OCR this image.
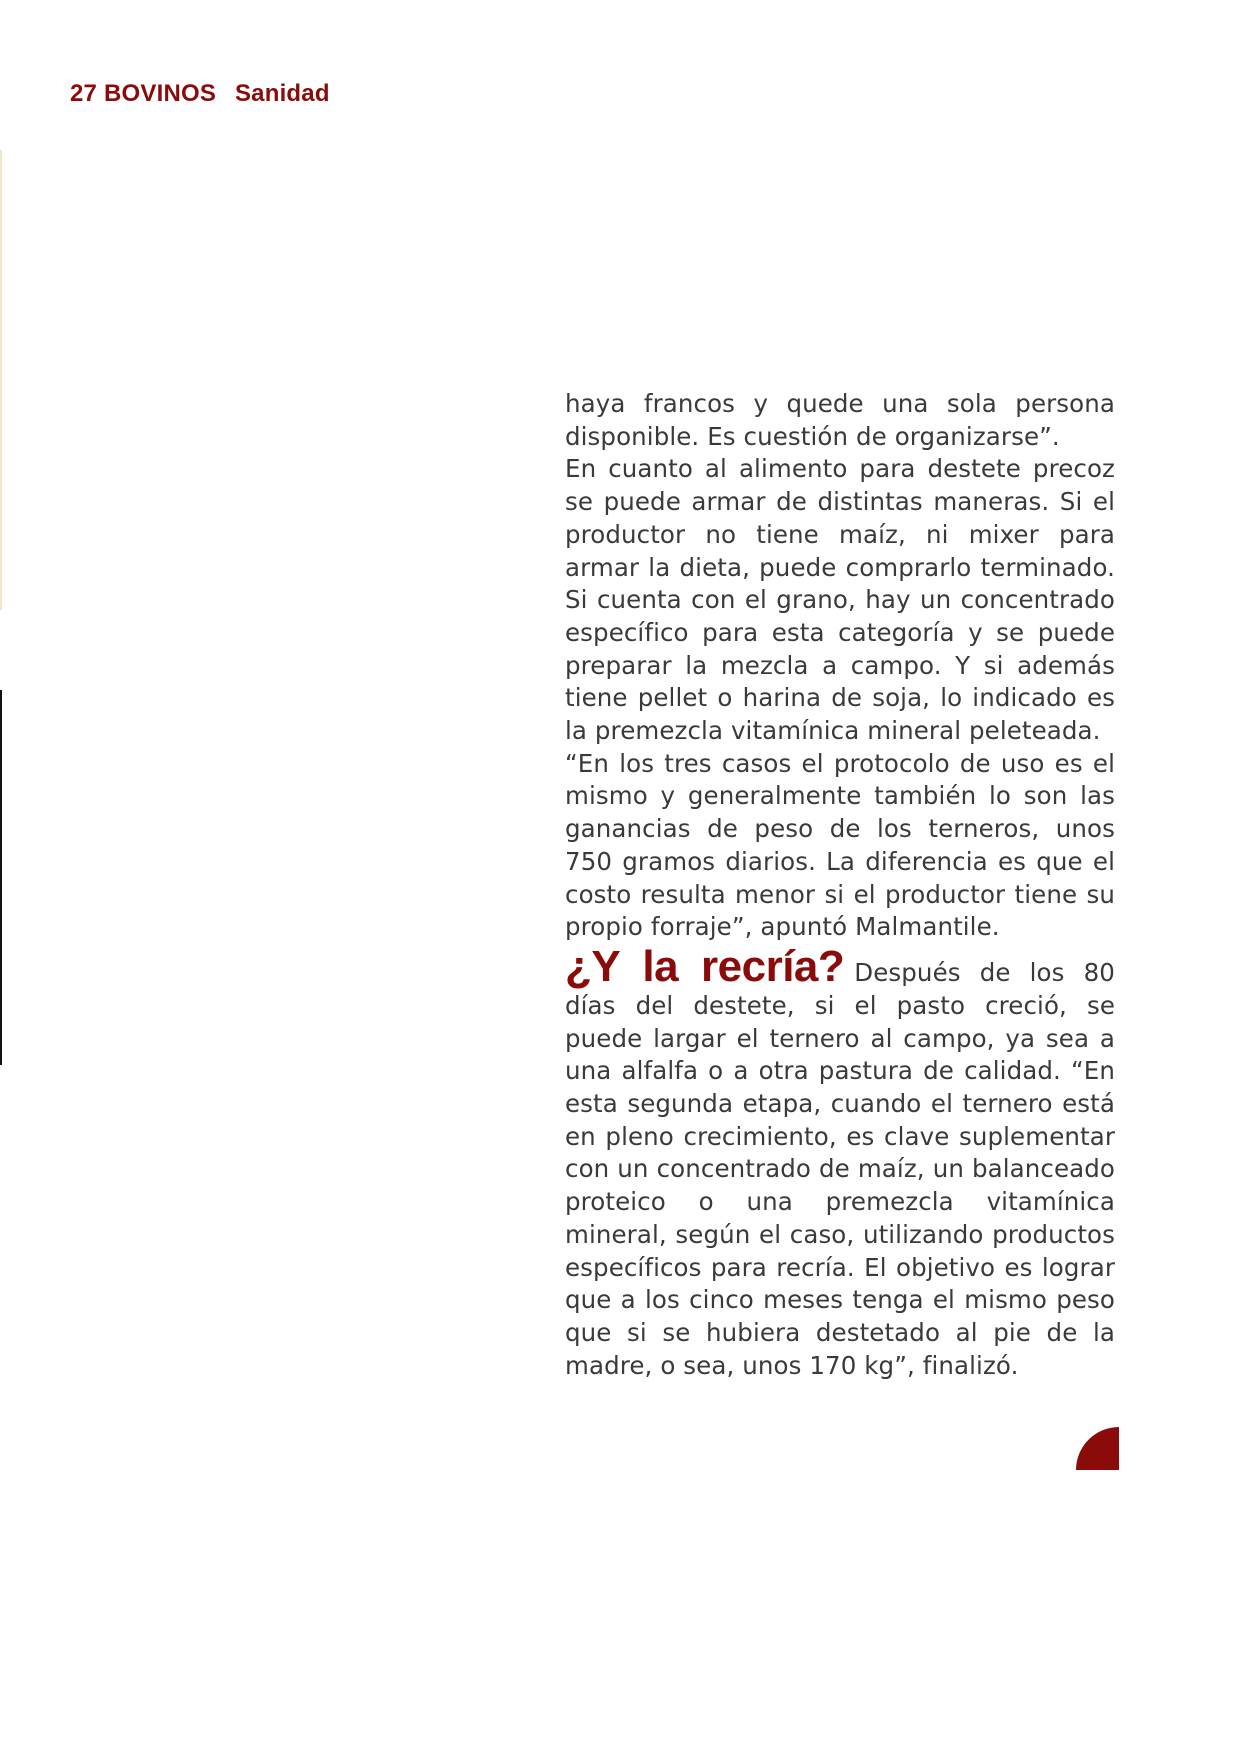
27 BOVINOS Sanidad

haya francos y quede una sola persona disponible. Es cuestión de organizarse”.

En cuanto al alimento para destete precoz se puede armar de distintas maneras. Si el productor no tiene maíz, ni mixer para armar la dieta, puede comprarlo terminado. Si cuenta con el grano, hay un concentrado específico para esta categoría y se puede preparar la mezcla a campo. Y si además tiene pellet o harina de soja, lo indicado es la premezcla vitamínica mineral peleteada.

“En los tres casos el protocolo de uso es el mismo y generalmente también lo son las ganancias de peso de los terneros, unos 750 gramos diarios. La diferencia es que el costo resulta menor si el productor tiene su propio forraje”, apuntó Malmantile.

¿Y la recría? Después de los 80 días del destete, si el pasto creció, se puede largar el ternero al campo, ya sea a una alfalfa o a otra pastura de calidad. “En esta segunda etapa, cuando el ternero está en pleno crecimiento, es clave suplementar con un concentrado de maíz, un balanceado proteico o una premezcla vitamínica mineral, según el caso, utilizando productos específicos para recría. El objetivo es lograr que a los cinco meses tenga el mismo peso que si se hubiera destetado al pie de la madre, o sea, unos 170 kg”, finalizó.
